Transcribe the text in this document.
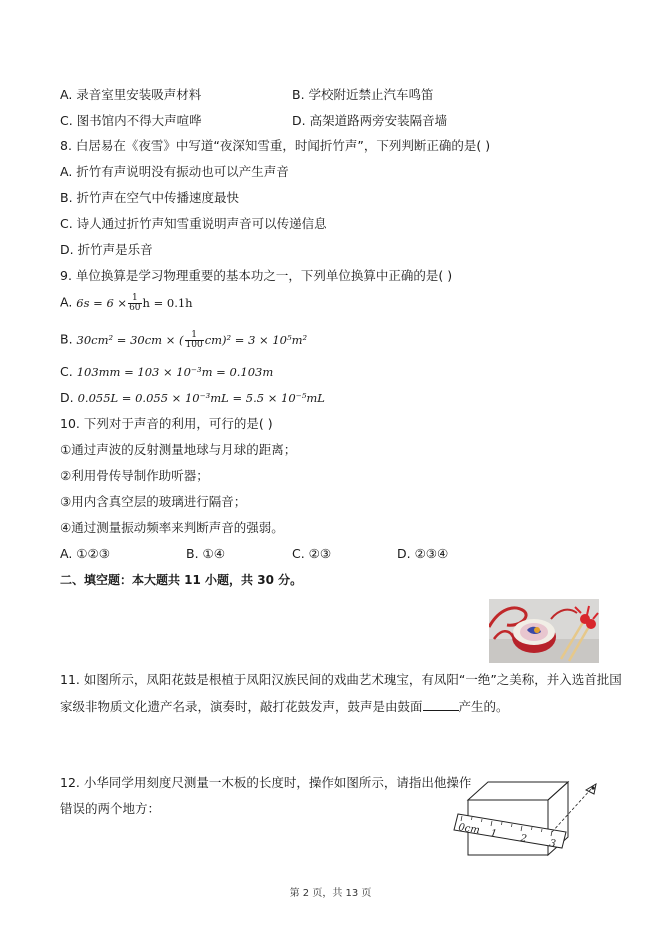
A. 录音室里安装吸声材料	B. 学校附近禁止汽车鸣笛
C. 图书馆内不得大声喧哗	D. 高架道路两旁安装隔音墙
8. 白居易在《夜雪》中写道“夜深知雪重，时闻折竹声”，下列判断正确的是( )
A. 折竹有声说明没有振动也可以产生声音
B. 折竹声在空气中传播速度最快
C. 诗人通过折竹声知雪重说明声音可以传递信息
D. 折竹声是乐音
9. 单位换算是学习物理重要的基本功之一，下列单位换算中正确的是( )
A. $6s = 6 \times \frac{1}{60}$ h = 0.1h
B. 30cm² = 30cm × ( $\frac{1}{100} cm)^2 = 3 \times 10^5m^2$
C. 103mm = 103 × 10⁻³m = 0.103m
D. 0.055L = 0.055 × 10⁻³mL = 5.5 × 10⁻⁵mL
10. 下列对于声音的利用，可行的是( )
①通过声波的反射测量地球与月球的距离；
②利用骨传导制作助听器；
③用内含真空层的玻璃进行隔音；
④通过测量振动频率来判断声音的强弱。
A. ①②③	B. ①④	C. ②③	D. ②③④
二、填空题：本大题共 11 小题，共 30 分。
11. 如图所示，凤阳花鼓是根植于凤阳汉族民间的戏曲艺术瑰宝，有凤阳“一绝”之美称，并入选首批国
家级非物质文化遗产名录，演奏时，敲打花鼓发声，鼓声是由鼓面	产生的。
12. 小华同学用刻度尺测量一木板的长度时，操作如图所示，请指出他操作
错误的两个地方：
0cm 1 2 3
第 2 页，共 13 页
